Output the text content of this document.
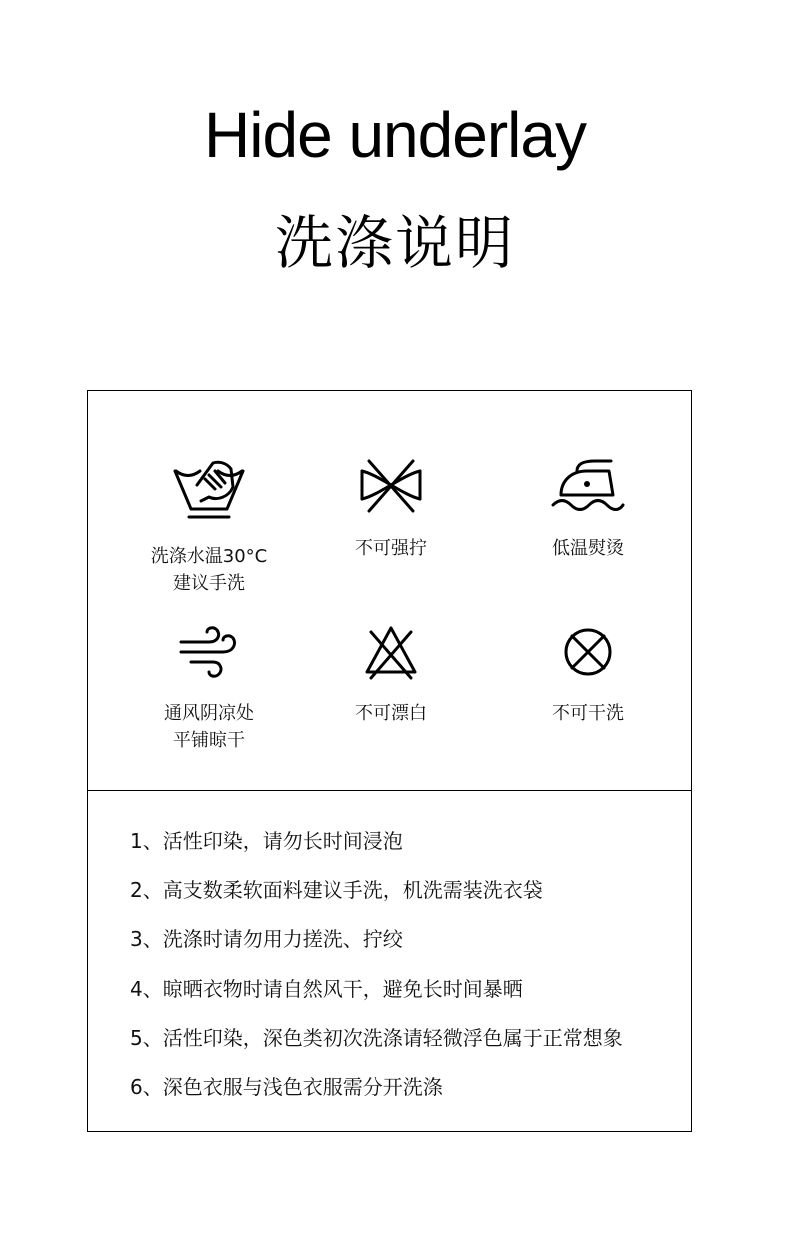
Hide underlay
洗涤说明
洗涤水温30°C
建议手洗
不可强拧	低温熨烫
通风阴凉处
平铺晾干
不可漂白	不可干洗
1、活性印染，请勿长时间浸泡
2、高支数柔软面料建议手洗，机洗需装洗衣袋
3、洗涤时请勿用力搓洗、拧绞
4、晾晒衣物时请自然风干，避免长时间暴晒
5、活性印染，深色类初次洗涤请轻微浮色属于正常想象
6、深色衣服与浅色衣服需分开洗涤
